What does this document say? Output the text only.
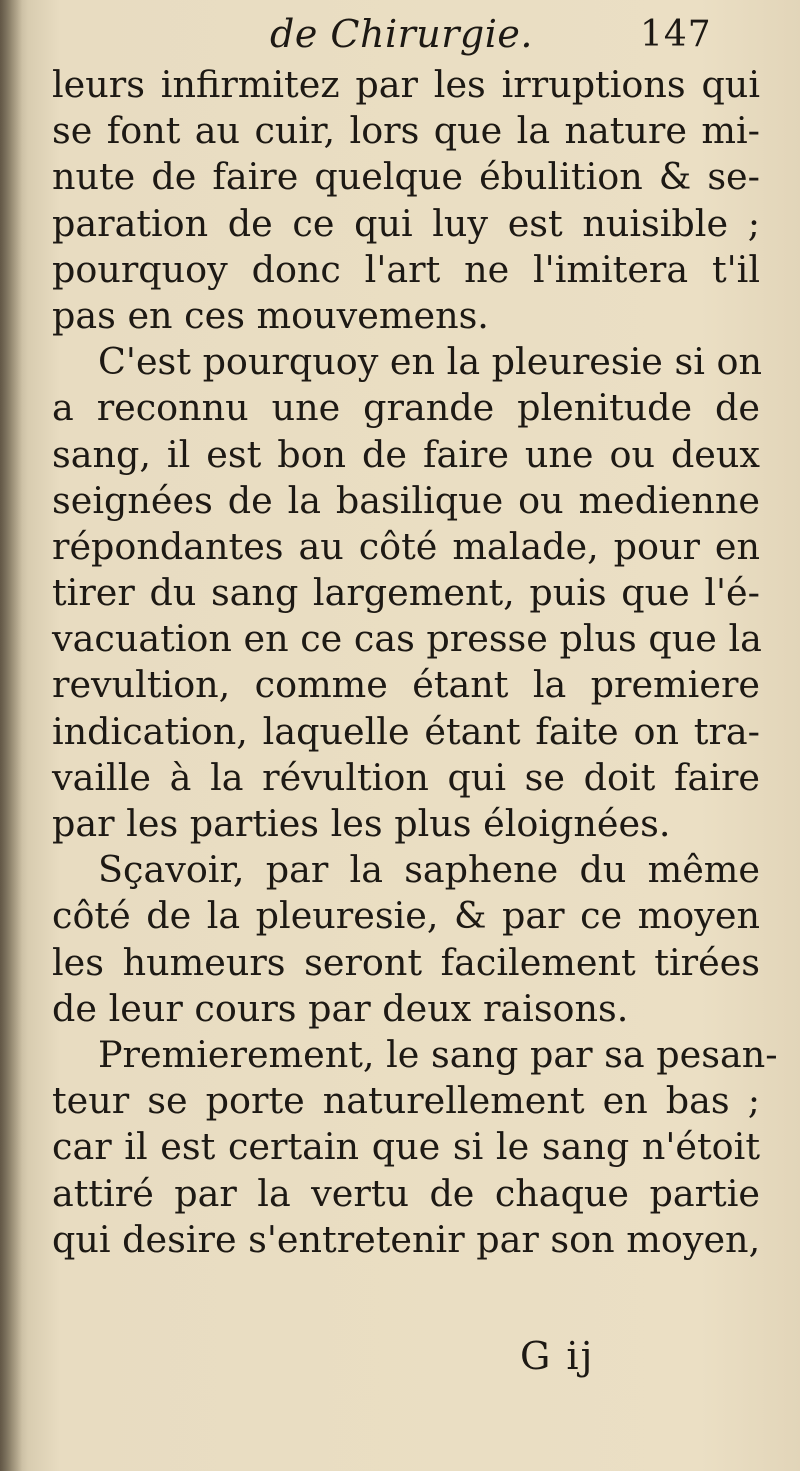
de Chirurgie.	147
leurs infirmitez par les irruptions qui
se font au cuir, lors que la nature mi-
nute de faire quelque ébulition & se-
paration de ce qui luy est nuisible ;
pourquoy donc l'art ne l'imitera t'il
pas en ces mouvemens.
C'est pourquoy en la pleuresie si on
a reconnu une grande plenitude de
sang, il est bon de faire une ou deux
seignées de la basilique ou medienne
répondantes au côté malade, pour en
tirer du sang largement, puis que l'é-
vacuation en ce cas presse plus que la
revultion, comme étant la premiere
indication, laquelle étant faite on tra-
vaille à la révultion qui se doit faire
par les parties les plus éloignées.
Sçavoir, par la saphene du même
côté de la pleuresie, & par ce moyen
les humeurs seront facilement tirées
de leur cours par deux raisons.
Premierement, le sang par sa pesan-
teur se porte naturellement en bas ;
car il est certain que si le sang n'étoit
attiré par la vertu de chaque partie
qui desire s'entretenir par son moyen,
G ij
